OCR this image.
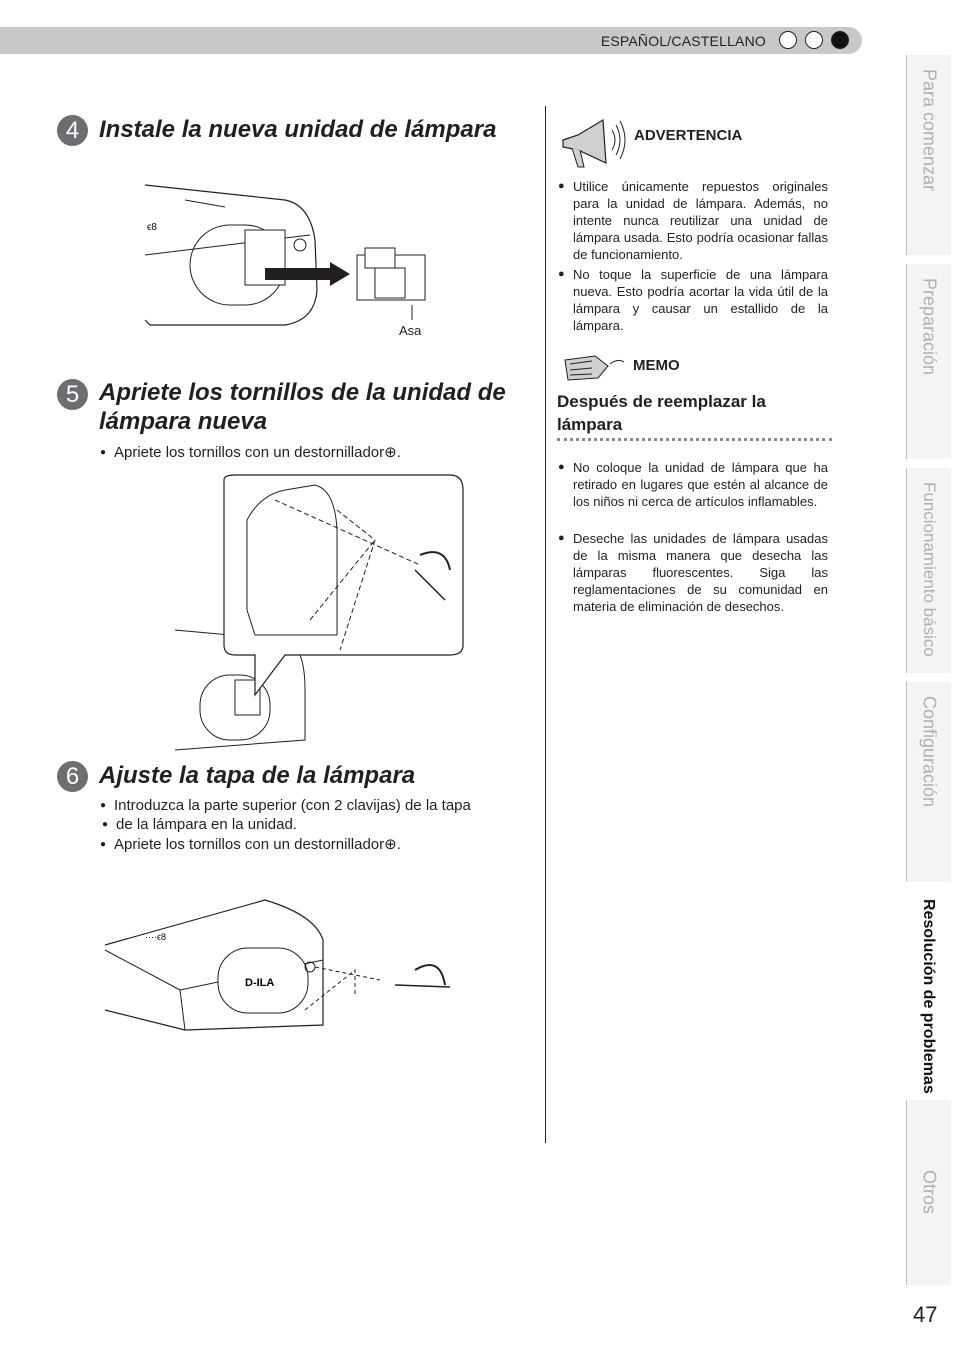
ESPAÑOL/CASTELLANO
Para comenzar
Preparación
Funcionamiento básico
Configuración
Resolución de problemas
Otros
47
4 Instale la nueva unidad de lámpara
ϵ8
Asa
5 Apriete los tornillos de la unidad de
lámpara nueva
● Apriete los tornillos con un destornillador⊕.
6 Ajuste la tapa de la lámpara
● Introduzca la parte superior (con 2 clavijas) de la tapa
● de la lámpara en la unidad.
● Apriete los tornillos con un destornillador⊕.
D-ILA
····ϵ8
ADVERTENCIA
● Utilice únicamente repuestos originales para la unidad de lámpara. Además, no intente nunca reutilizar una unidad de lámpara usada. Esto podría ocasionar fallas de funcionamiento.
● No toque la superficie de una lámpara nueva. Esto podría acortar la vida útil de la lámpara y causar un estallido de la lámpara.
MEMO
Después de reemplazar la lámpara
● No coloque la unidad de lámpara que ha retirado en lugares que estén al alcance de los niños ni cerca de artículos inflamables.
● Deseche las unidades de lámpara usadas de la misma manera que desecha las lámparas fluorescentes. Siga las reglamentaciones de su comunidad en materia de eliminación de desechos.
